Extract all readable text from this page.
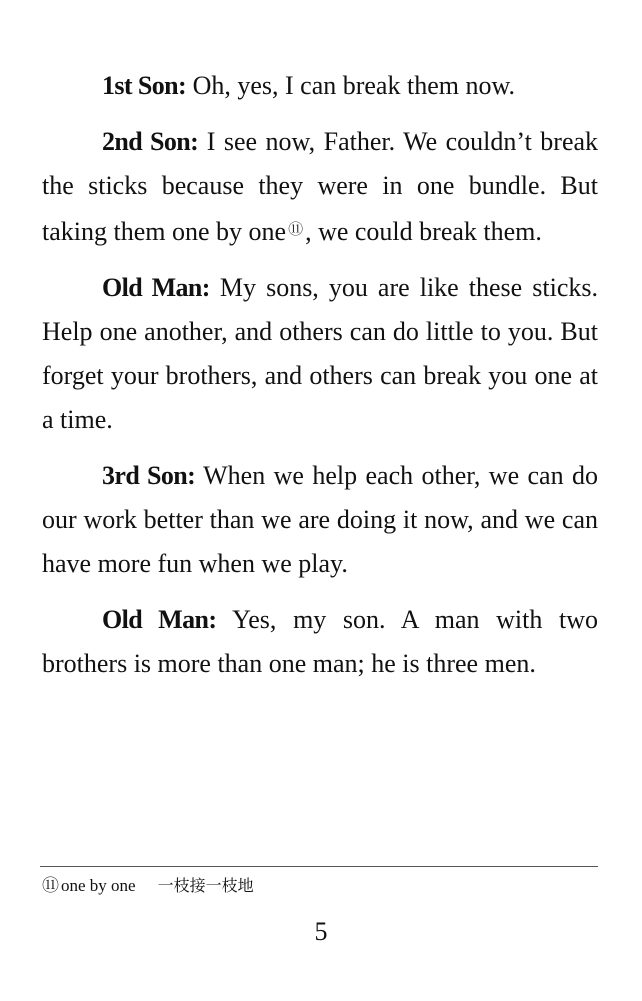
1st Son: Oh, yes, I can break them now.

2nd Son: I see now, Father. We couldn’t break the sticks because they were in one bundle. But taking them one by one ⑪, we could break them.

Old Man: My sons, you are like these sticks. Help one another, and others can do little to you. But forget your brothers, and others can break you one at a time.

3rd Son: When we help each other, we can do our work better than we are doing it now, and we can have more fun when we play.

Old Man: Yes, my son. A man with two brothers is more than one man; he is three men.

⑪ one by one 一枝接一枝地
5
